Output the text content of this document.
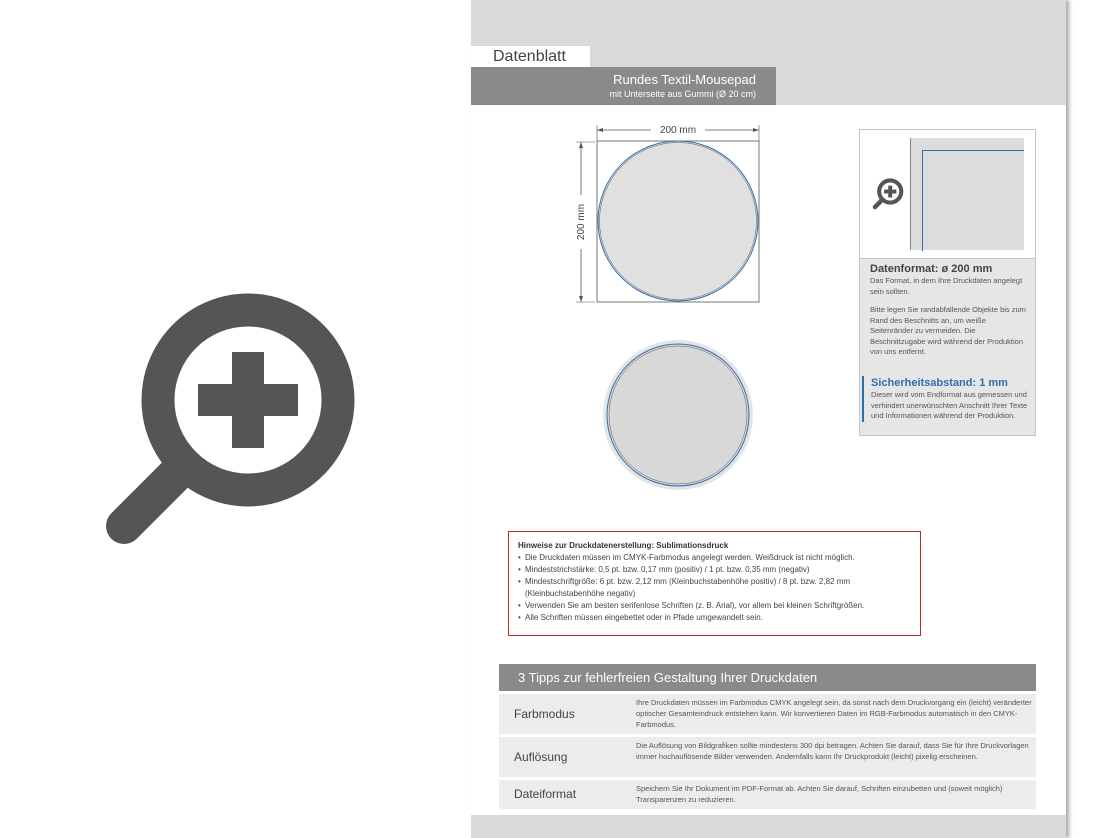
Datenblatt
Rundes Textil-Mousepad
mit Unterseite aus Gummi (Ø 20 cm)
200 mm
200 mm
Datenformat: ø 200 mm

Das Format, in dem Ihre Druckdaten angelegt sein sollten.

Bitte legen Sie randabfallende Objekte bis zum Rand des Beschnitts an, um weiße Seitenränder zu vermeiden. Die Beschnittzugabe wird während der Produktion von uns entfernt.

Sicherheitsabstand: 1 mm
Dieser wird vom Endformat aus gemessen und verhindert unerwünschten Anschnitt Ihrer Texte und Informationen während der Produktion.
Hinweise zur Druckdatenerstellung: Sublimationsdruck
• Die Druckdaten müssen im CMYK-Farbmodus angelegt werden. Weißdruck ist nicht möglich.
• Mindeststrichstärke: 0,5 pt. bzw. 0,17 mm (positiv) / 1 pt. bzw. 0,35 mm (negativ)
• Mindestschriftgröße: 6 pt. bzw. 2,12 mm (Kleinbuchstabenhöhe positiv) / 8 pt. bzw. 2,82 mm (Kleinbuchstabenhöhe negativ)
• Verwenden Sie am besten serifenlose Schriften (z. B. Arial), vor allem bei kleinen Schriftgrößen.
• Alle Schriften müssen eingebettet oder in Pfade umgewandelt sein.
3 Tipps zur fehlerfreien Gestaltung Ihrer Druckdaten
Farbmodus
Ihre Druckdaten müssen im Farbmodus CMYK angelegt sein, da sonst nach dem Druckvorgang ein (leicht) veränderter optischer Gesamteindruck entstehen kann. Wir konvertieren Daten im RGB-Farbmodus automatisch in den CMYK-Farbmodus.
Auflösung
Die Auflösung von Bildgrafiken sollte mindestens 300 dpi betragen. Achten Sie darauf, dass Sie für Ihre Druckvorlagen immer hochauflösende Bilder verwenden. Andernfalls kann Ihr Druckprodukt (leicht) pixelig erscheinen.
Dateiformat	Speichern Sie Ihr Dokument im PDF-Format ab. Achten Sie darauf, Schriften einzubetten und (soweit möglich) Transparenzen zu reduzieren.
